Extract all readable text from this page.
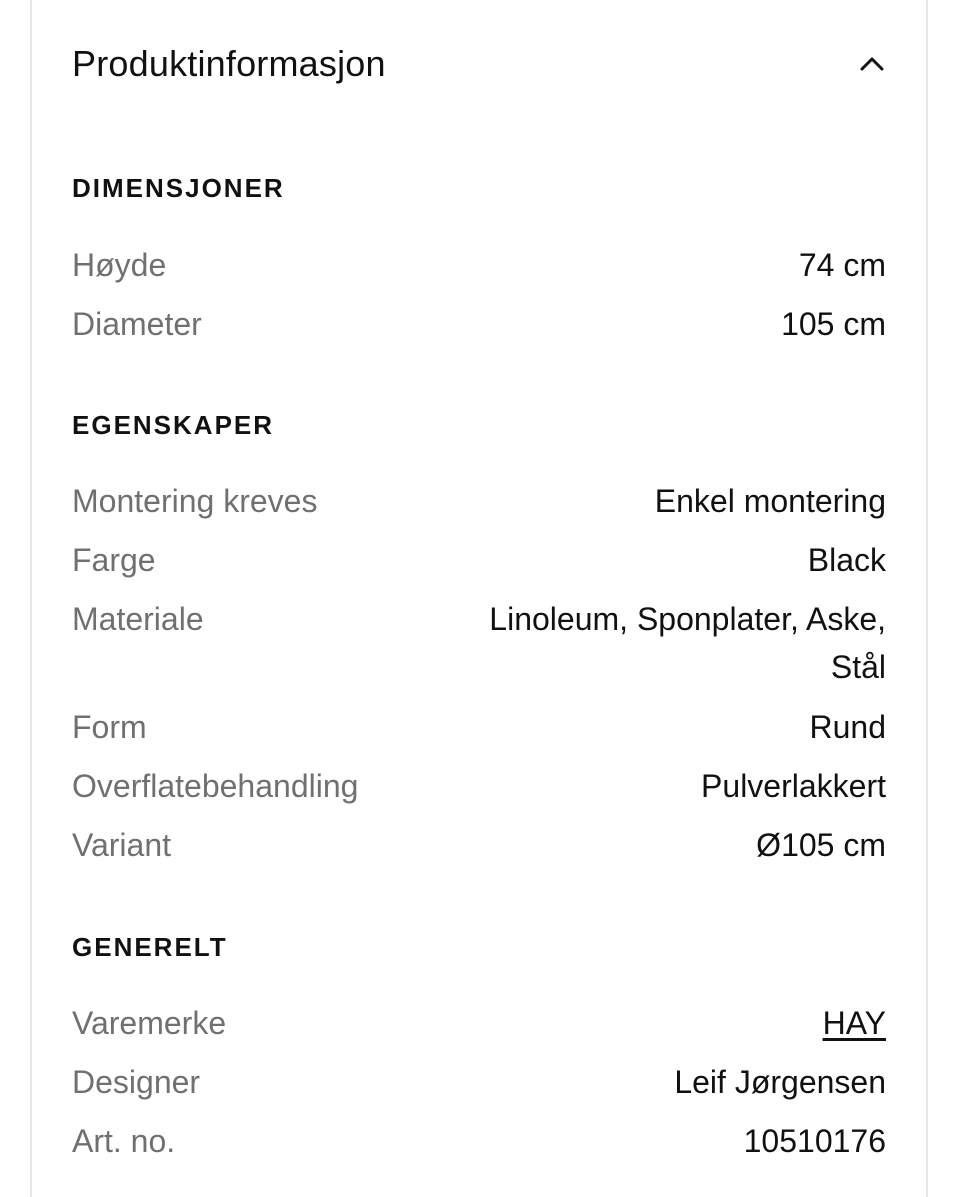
Produktinformasjon
DIMENSJONER
Høyde	74 cm
Diameter	105 cm
EGENSKAPER
Montering kreves	Enkel montering
Farge	Black
Materiale	Linoleum, Sponplater, Aske, Stål
Form	Rund
Overflatebehandling	Pulverlakkert
Variant	Ø105 cm
GENERELT
Varemerke	HAY
Designer	Leif Jørgensen
Art. no.	10510176
